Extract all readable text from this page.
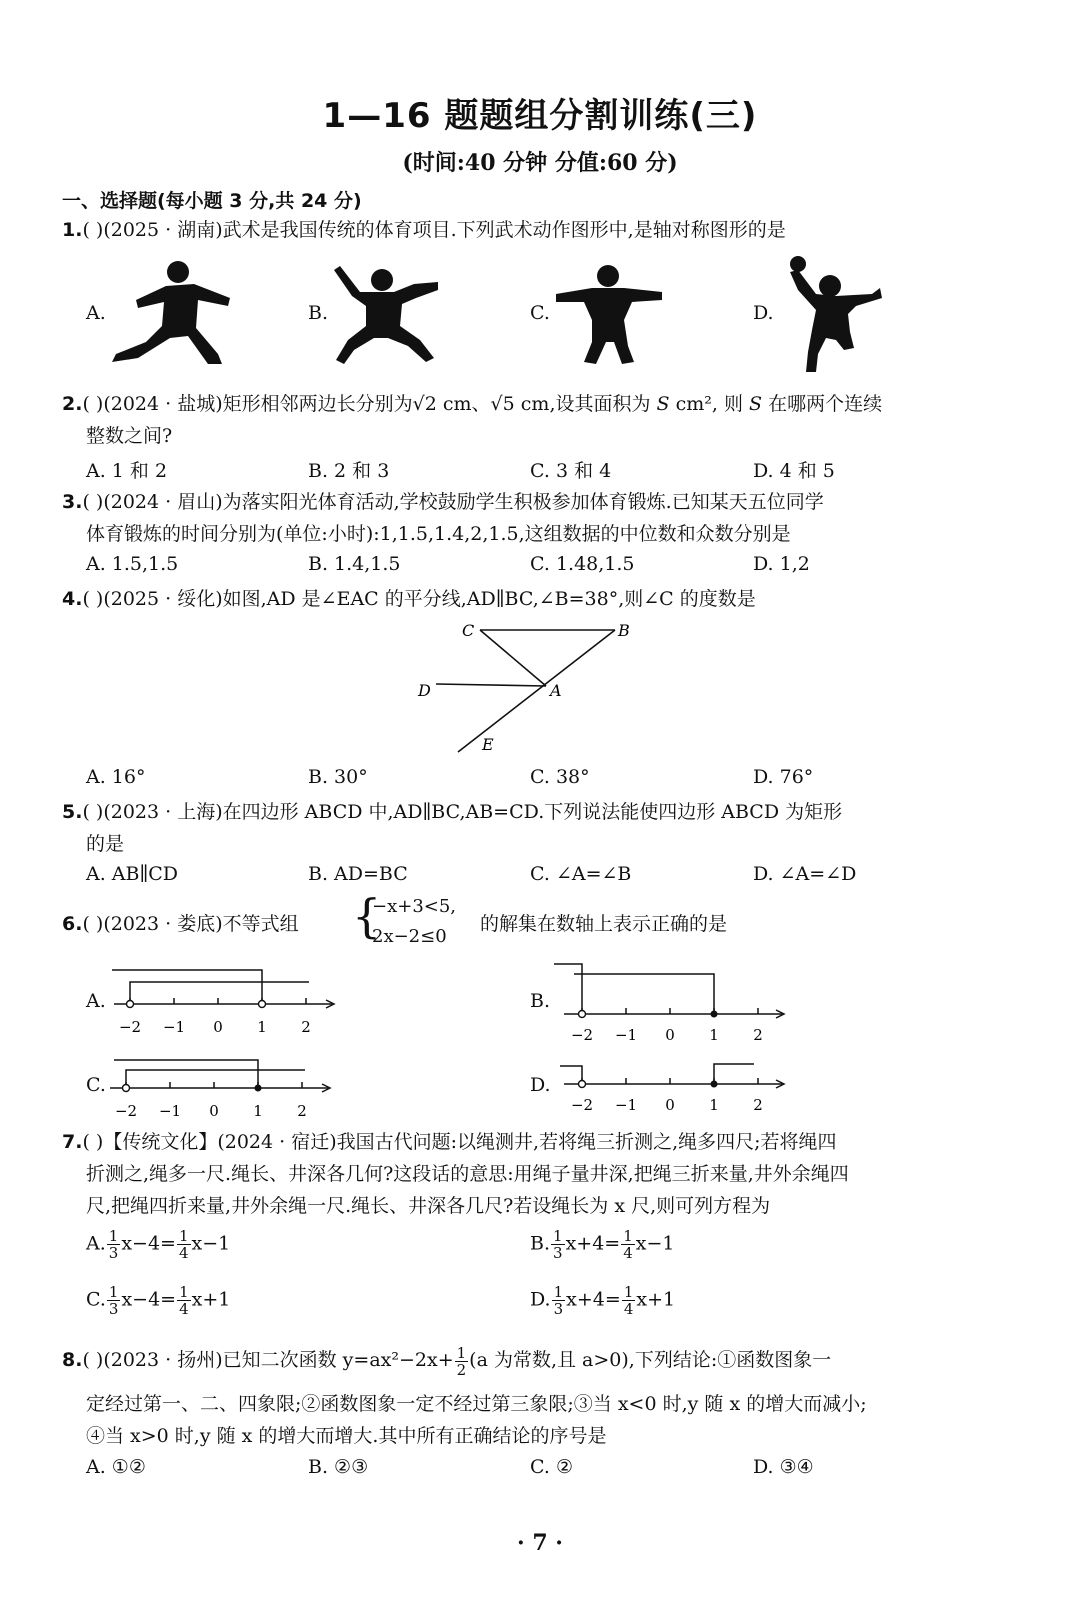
1—16 题题组分割训练(三)
(时间:40 分钟 分值:60 分)
一、选择题(每小题 3 分,共 24 分)
1.( )(2025 · 湖南)武术是我国传统的体育项目.下列武术动作图形中,是轴对称图形的是
A.	B.	C.	D.
2.( )(2024 · 盐城)矩形相邻两边长分别为√2 cm、√5 cm,设其面积为 S cm², 则 S 在哪两个连续
整数之间?
A. 1 和 2	B. 2 和 3	C. 3 和 4	D. 4 和 5
3.( )(2024 · 眉山)为落实阳光体育活动,学校鼓励学生积极参加体育锻炼.已知某天五位同学
体育锻炼的时间分别为(单位:小时):1,1.5,1.4,2,1.5,这组数据的中位数和众数分别是
A. 1.5,1.5	B. 1.4,1.5	C. 1.48,1.5	D. 1,2
4.( )(2025 · 绥化)如图,AD 是∠EAC 的平分线,AD∥BC,∠B=38°,则∠C 的度数是
C	B
D	A
E
A. 16°	B. 30°	C. 38°	D. 76°
5.( )(2023 · 上海)在四边形 ABCD 中,AD∥BC,AB=CD.下列说法能使四边形 ABCD 为矩形
的是
A. AB∥CD	B. AD=BC	C. ∠A=∠B	D. ∠A=∠D
6.( )(2023 · 娄底)不等式组 {
−x+3<5,
2x−2≤0
的解集在数轴上表示正确的是
A.	B.
C.	D.
−2 −1 0 1 2	−2 −1 0 1 2
−2 −1 0 1 2	−2 −1 0 1 2
7.( )【传统文化】(2024 · 宿迁)我国古代问题:以绳测井,若将绳三折测之,绳多四尺;若将绳四
折测之,绳多一尺.绳长、井深各几何?这段话的意思:用绳子量井深,把绳三折来量,井外余绳四
尺,把绳四折来量,井外余绳一尺.绳长、井深各几尺?若设绳长为 x 尺,则可列方程为
A. $\frac{1}{3} x-4= \frac{1}{4} x-1$	B. $\frac{1}{3} x+4= \frac{1}{4} x-1$
C. $\frac{1}{3} x-4= \frac{1}{4} x+1$	D. $\frac{1}{3} x+4= \frac{1}{4} x+1$
8.( )(2023 · 扬州)已知二次函数 $y=ax^2-2x+ \frac{1}{2} (a$ 为常数,且 a>0),下列结论:①函数图象一
定经过第一、二、四象限;②函数图象一定不经过第三象限;③当 x<0 时,y 随 x 的增大而减小;
④当 x>0 时,y 随 x 的增大而增大.其中所有正确结论的序号是
A. ①②	B. ②③	C. ②	D. ③④
· 7 ·
